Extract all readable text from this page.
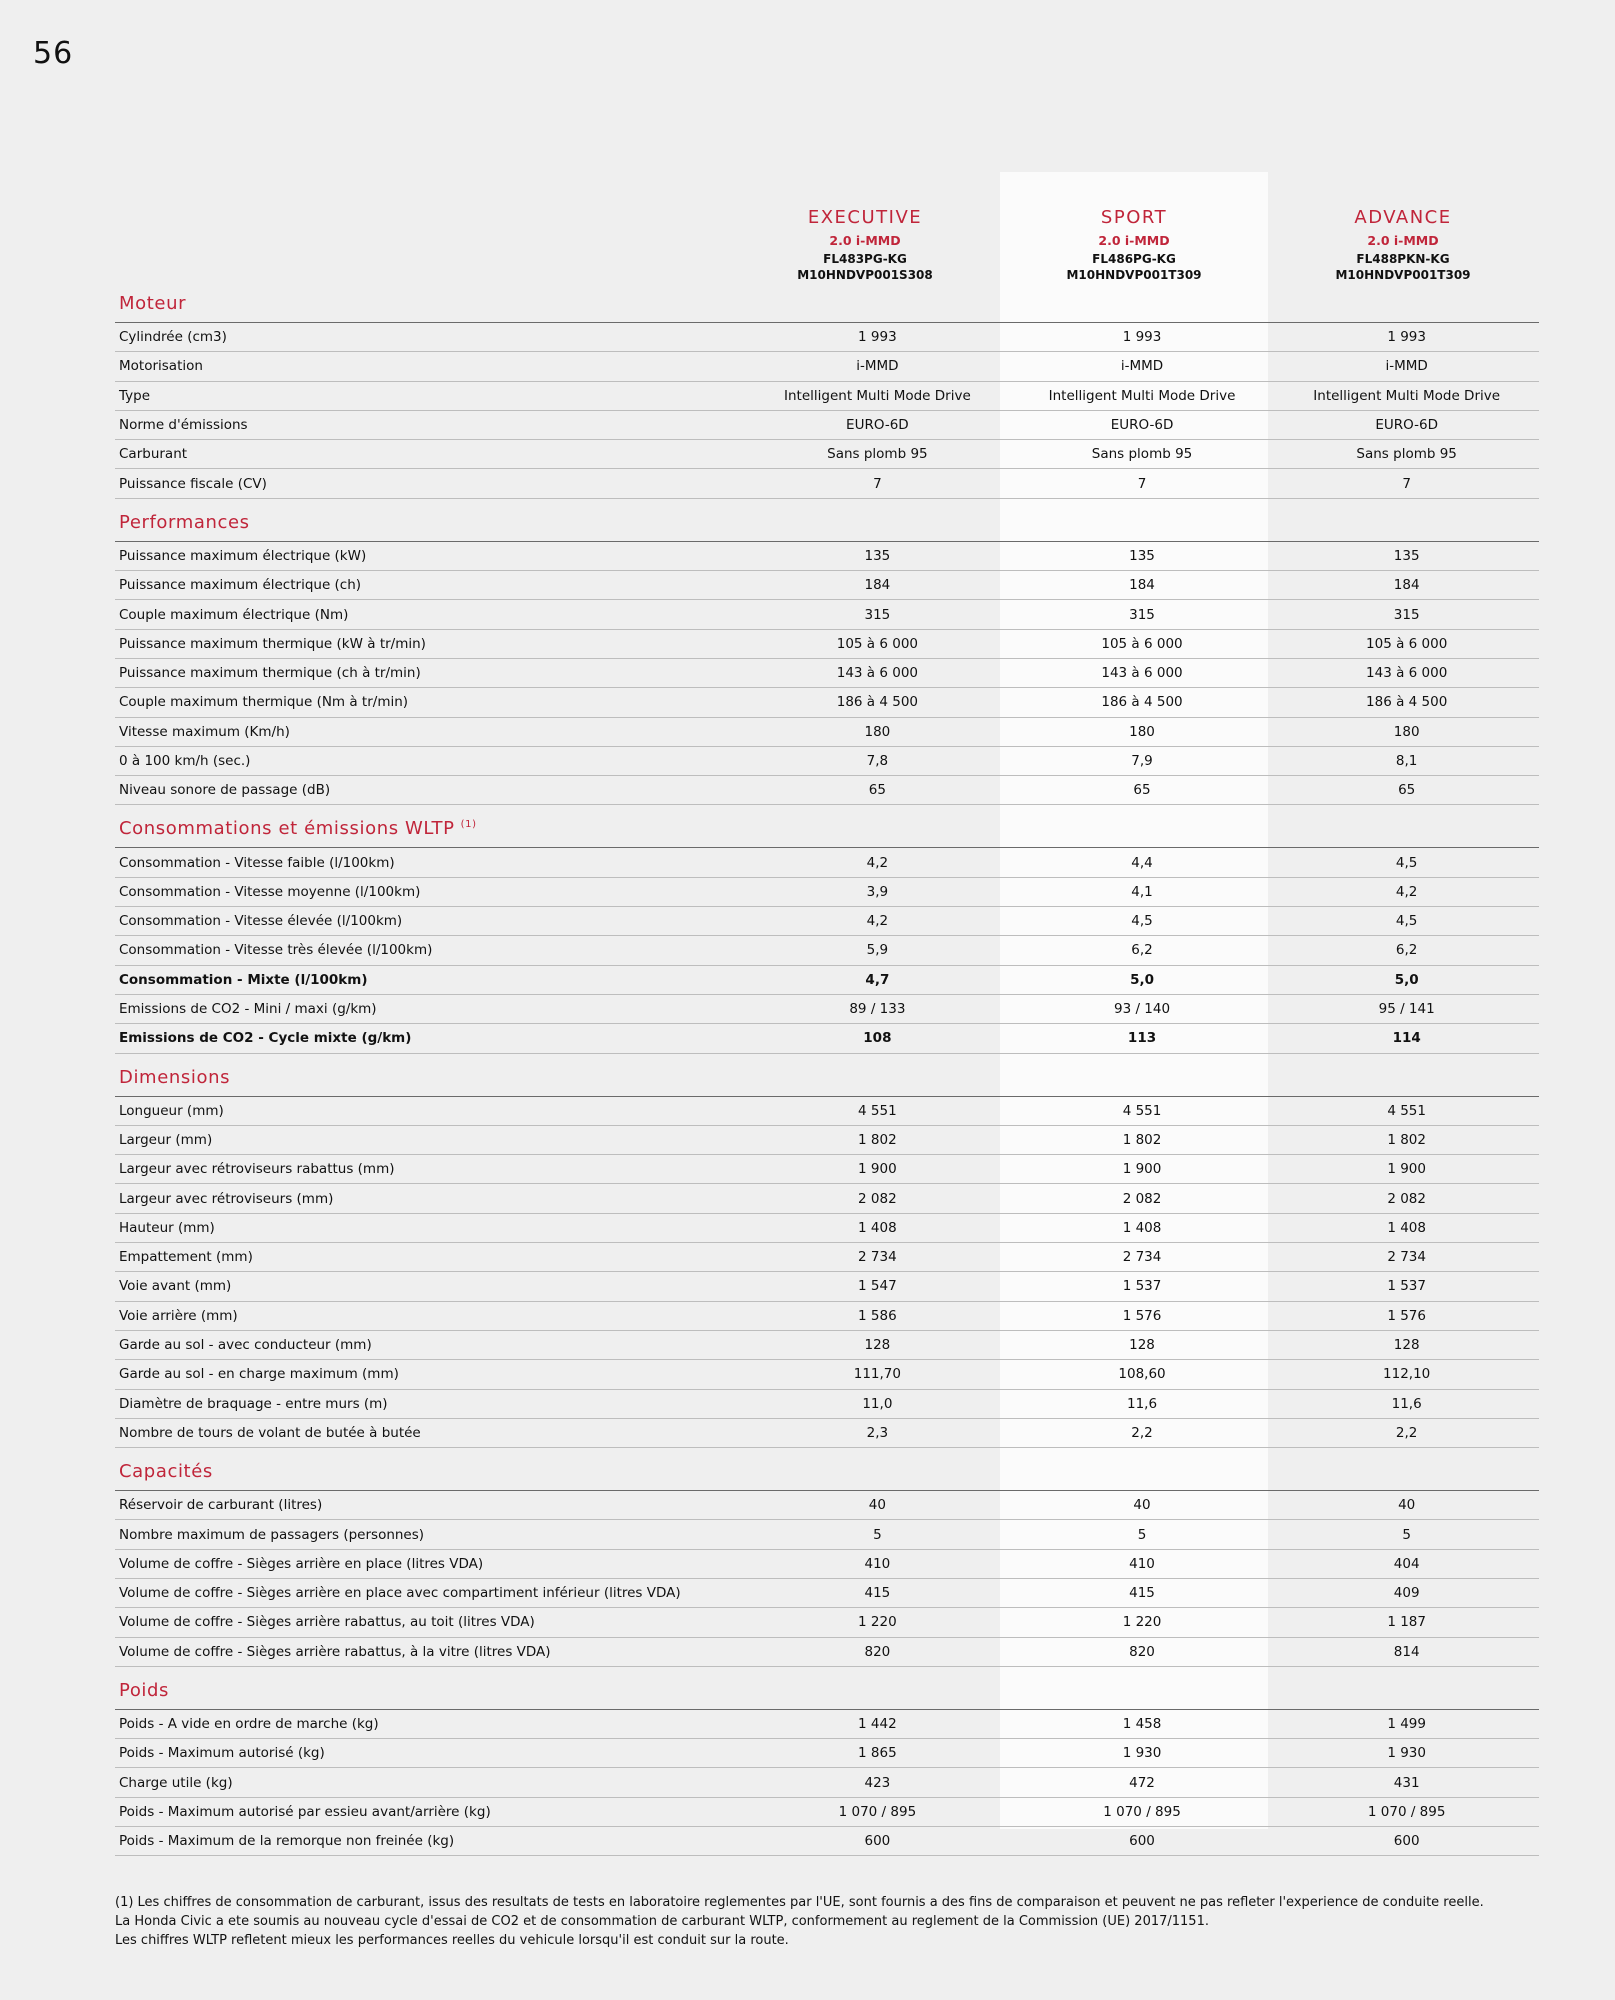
56
EXECUTIVE
2.0 i-MMD
FL483PG-KG
M10HNDVP001S308
SPORT
2.0 i-MMD
FL486PG-KG
M10HNDVP001T309
ADVANCE
2.0 i-MMD
FL488PKN-KG
M10HNDVP001T309
Moteur
Cylindrée (cm3)	1 993	1 993	1 993
Motorisation	i-MMD	i-MMD	i-MMD
Type	Intelligent Multi Mode Drive	Intelligent Multi Mode Drive	Intelligent Multi Mode Drive
Norme d'émissions	EURO-6D	EURO-6D	EURO-6D
Carburant	Sans plomb 95	Sans plomb 95	Sans plomb 95
Puissance fiscale (CV)	7	7	7
Performances
Puissance maximum électrique (kW)	135	135	135
Puissance maximum électrique (ch)	184	184	184
Couple maximum électrique (Nm)	315	315	315
Puissance maximum thermique (kW à tr/min)	105 à 6 000	105 à 6 000	105 à 6 000
Puissance maximum thermique (ch à tr/min)	143 à 6 000	143 à 6 000	143 à 6 000
Couple maximum thermique (Nm à tr/min)	186 à 4 500	186 à 4 500	186 à 4 500
Vitesse maximum (Km/h)	180	180	180
0 à 100 km/h (sec.)	7,8	7,9	8,1
Niveau sonore de passage (dB)	65	65	65
Consommations et émissions WLTP $^{(1)}$
Consommation - Vitesse faible (l/100km)	4,2	4,4	4,5
Consommation - Vitesse moyenne (l/100km)	3,9	4,1	4,2
Consommation - Vitesse élevée (l/100km)	4,2	4,5	4,5
Consommation - Vitesse très élevée (l/100km)	5,9	6,2	6,2
Consommation - Mixte (l/100km)	4,7	5,0	5,0
Emissions de CO2 - Mini / maxi (g/km)	89 / 133	93 / 140	95 / 141
Emissions de CO2 - Cycle mixte (g/km)	108	113	114
Dimensions
Longueur (mm)	4 551	4 551	4 551
Largeur (mm)	1 802	1 802	1 802
Largeur avec rétroviseurs rabattus (mm)	1 900	1 900	1 900
Largeur avec rétroviseurs (mm)	2 082	2 082	2 082
Hauteur (mm)	1 408	1 408	1 408
Empattement (mm)	2 734	2 734	2 734
Voie avant (mm)	1 547	1 537	1 537
Voie arrière (mm)	1 586	1 576	1 576
Garde au sol - avec conducteur (mm)	128	128	128
Garde au sol - en charge maximum (mm)	111,70	108,60	112,10
Diamètre de braquage - entre murs (m)	11,0	11,6	11,6
Nombre de tours de volant de butée à butée	2,3	2,2	2,2
Capacités
Réservoir de carburant (litres)	40	40	40
Nombre maximum de passagers (personnes)	5	5	5
Volume de coffre - Sièges arrière en place (litres VDA)	410	410	404
Volume de coffre - Sièges arrière en place avec compartiment inférieur (litres VDA)	415	415	409
Volume de coffre - Sièges arrière rabattus, au toit (litres VDA)	1 220	1 220	1 187
Volume de coffre - Sièges arrière rabattus, à la vitre (litres VDA)	820	820	814
Poids
Poids - A vide en ordre de marche (kg)	1 442	1 458	1 499
Poids - Maximum autorisé (kg)	1 865	1 930	1 930
Charge utile (kg)	423	472	431
Poids - Maximum autorisé par essieu avant/arrière (kg)	1 070 / 895	1 070 / 895	1 070 / 895
Poids - Maximum de la remorque non freinée (kg)	600	600	600
(1) Les chiffres de consommation de carburant, issus des resultats de tests en laboratoire reglementes par l'UE, sont fournis a des fins de comparaison et peuvent ne pas refleter l'experience de conduite reelle.
La Honda Civic a ete soumis au nouveau cycle d'essai de CO2 et de consommation de carburant WLTP, conformement au reglement de la Commission (UE) 2017/1151.
Les chiffres WLTP refletent mieux les performances reelles du vehicule lorsqu'il est conduit sur la route.
